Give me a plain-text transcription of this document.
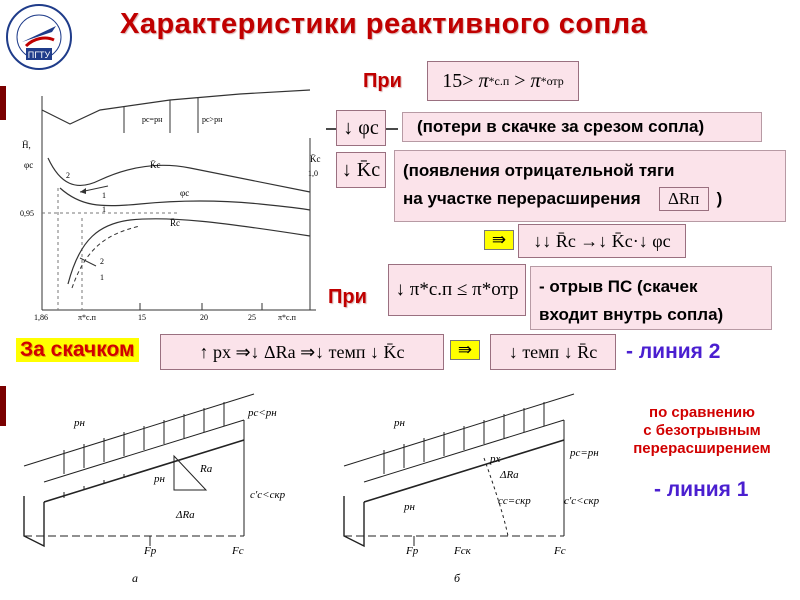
ПГТУ
Характеристики реактивного сопла
При 15>
π * с.п > π * отр
H̄,
φс
0,95
K̄с
1,0
1,86	π*с.п	15	20	25	π*с.п
pс=pн	pс>pн
K̄с
φс
R̄с
2
1
1
2
1
↓ φс	(потери в скачке за срезом сопла)
↓ K̄с (появления отрицательной тяги
на участке перерасширения	ΔRп	)
⇛	↓↓ R̄с →↓ K̄с·↓ φс
При	↓ π*с.п ≤ π*отр	- отрыв ПС (скачек
входит внутрь сопла)
За скачком	↑ pх ⇒↓ ΔRа ⇒↓ темп ↓ K̄с	⇛	↓ темп ↓ R̄с	- линия 2
pн
pс<pн
Rа
pн
ΔRа
c′с<cкр
Fр	Fс
а
pн
pс=pн
pх
ΔRа
pн	cс=cкр	c′с<cкр
Fр	Fск	Fс
б
по сравнению
с безотрывным
перерасширением
- линия 1
